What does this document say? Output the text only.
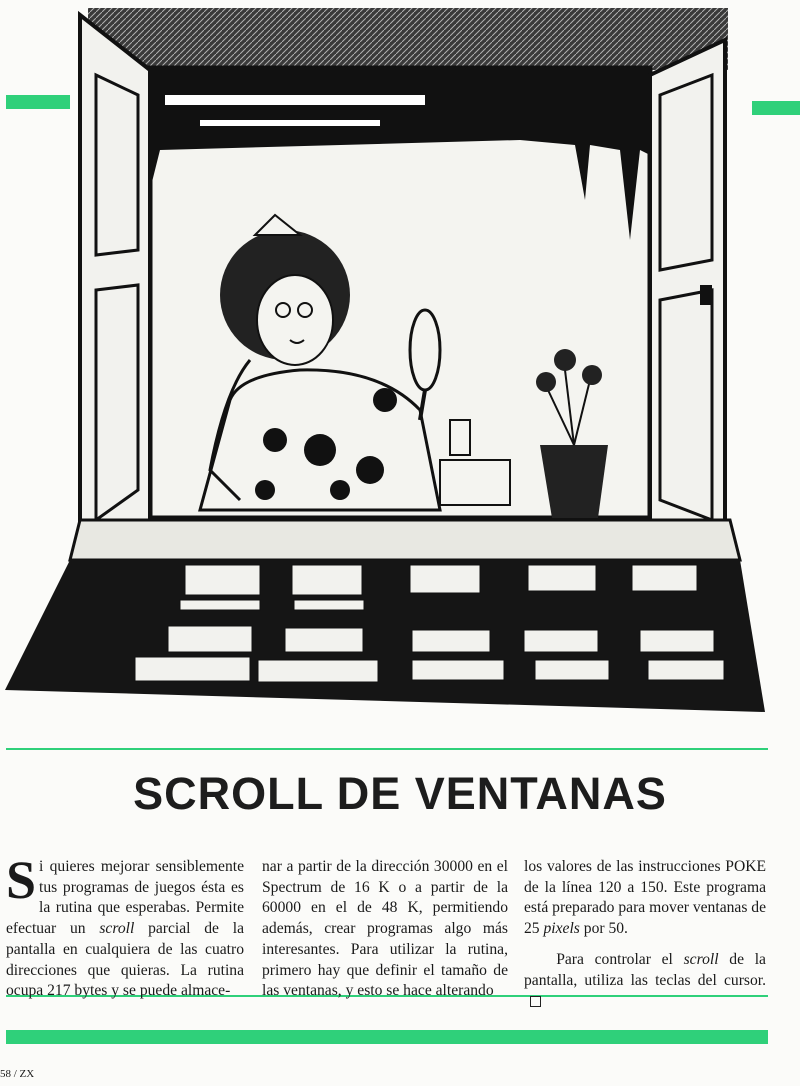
SCROLL DE VENTANAS
Si quieres mejorar sensiblemente tus programas de juegos ésta es la rutina que esperabas. Permite efectuar un scroll parcial de la pantalla en cualquiera de las cuatro direcciones que quieras. La rutina ocupa 217 bytes y se puede almace-
nar a partir de la dirección 30000 en el Spectrum de 16 K o a partir de la 60000 en el de 48 K, permitiendo además, crear programas algo más interesantes. Para utilizar la rutina, primero hay que definir el tamaño de las ventanas, y esto se hace alterando

los valores de las instrucciones POKE de la línea 120 a 150. Este programa está preparado para mover ventanas de 25 pixels por 50.

Para controlar el scroll de la pantalla, utiliza las teclas del cursor.

58 / ZX
